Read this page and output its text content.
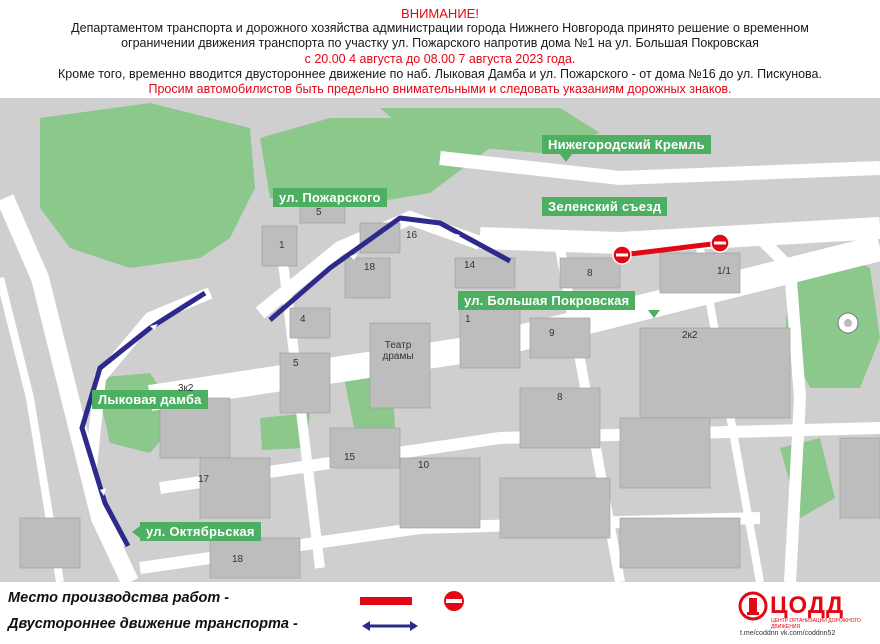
ВНИМАНИЕ!
Департаментом транспорта и дорожного хозяйства администрации города Нижнего Новгорода принято решение о временном
ограничении движения транспорта по участку ул. Пожарского напротив дома №1 на ул. Большая Покровская
с 20.00 4 августа до 08.00 7 августа 2023 года.
Кроме того, временно вводится двустороннее движение по наб. Лыковая Дамба и ул. Пожарского - от дома №16 до ул. Пискунова.
Просим автомобилистов быть предельно внимательными и следовать указаниям дорожных знаков.
Нижегородский Кремль
Зеленский съезд
ул. Пожарского
ул. Большая Покровская
Лыковая дамба
ул. Октябрьская
5
1
16
18	14
8	1/1
4	1
9	2к2
5
3к2
8
17
15
10
18
Театр драмы
Место производства работ -
Двустороннее движение транспорта -
ЦОДД
ЦЕНТР ОРГАНИЗАЦИИ ДОРОЖНОГО ДВИЖЕНИЯ
t.me/coddnn vk.com/coddnn52
